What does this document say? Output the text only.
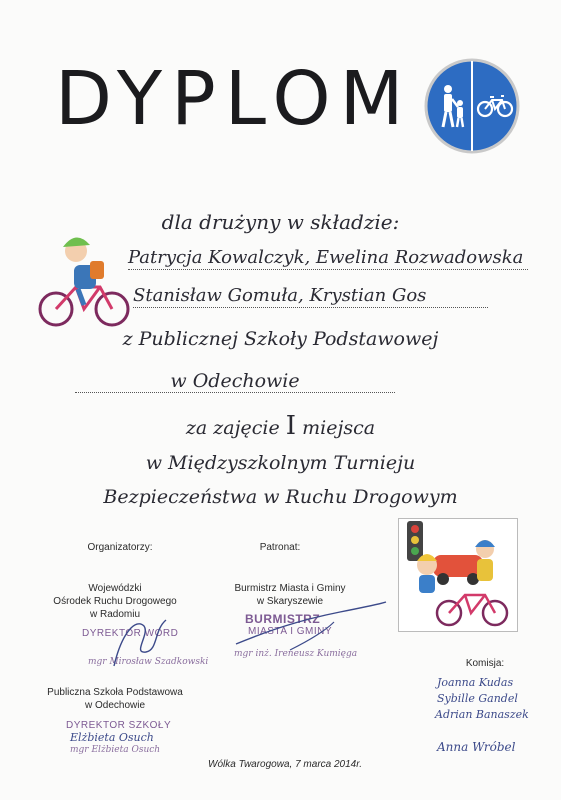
DYPLOM
dla drużyny w składzie:
Patrycja Kowalczyk, Ewelina Rozwadowska
Stanisław Gomuła, Krystian Gos
z Publicznej Szkoły Podstawowej
w Odechowie
za zajęcie I miejsca
w Międzyszkolnym Turnieju
Bezpieczeństwa w Ruchu Drogowym
Organizatorzy:
Wojewódzki
Ośrodek Ruchu Drogowego
w Radomiu
DYREKTOR WORD
mgr Mirosław Szadkowski
Publiczna Szkoła Podstawowa
w Odechowie
DYREKTOR SZKOŁY
Elżbieta Osuch
mgr Elżbieta Osuch
Patronat:
Burmistrz Miasta i Gminy
w Skaryszewie
BURMISTRZ
MIASTA I GMINY
mgr inż. Ireneusz Kumięga
Komisja:
Joanna Kudas
Sybille Gandel
Adrian Banaszek
Anna Wróbel
Wólka Twarogowa, 7 marca 2014r.
